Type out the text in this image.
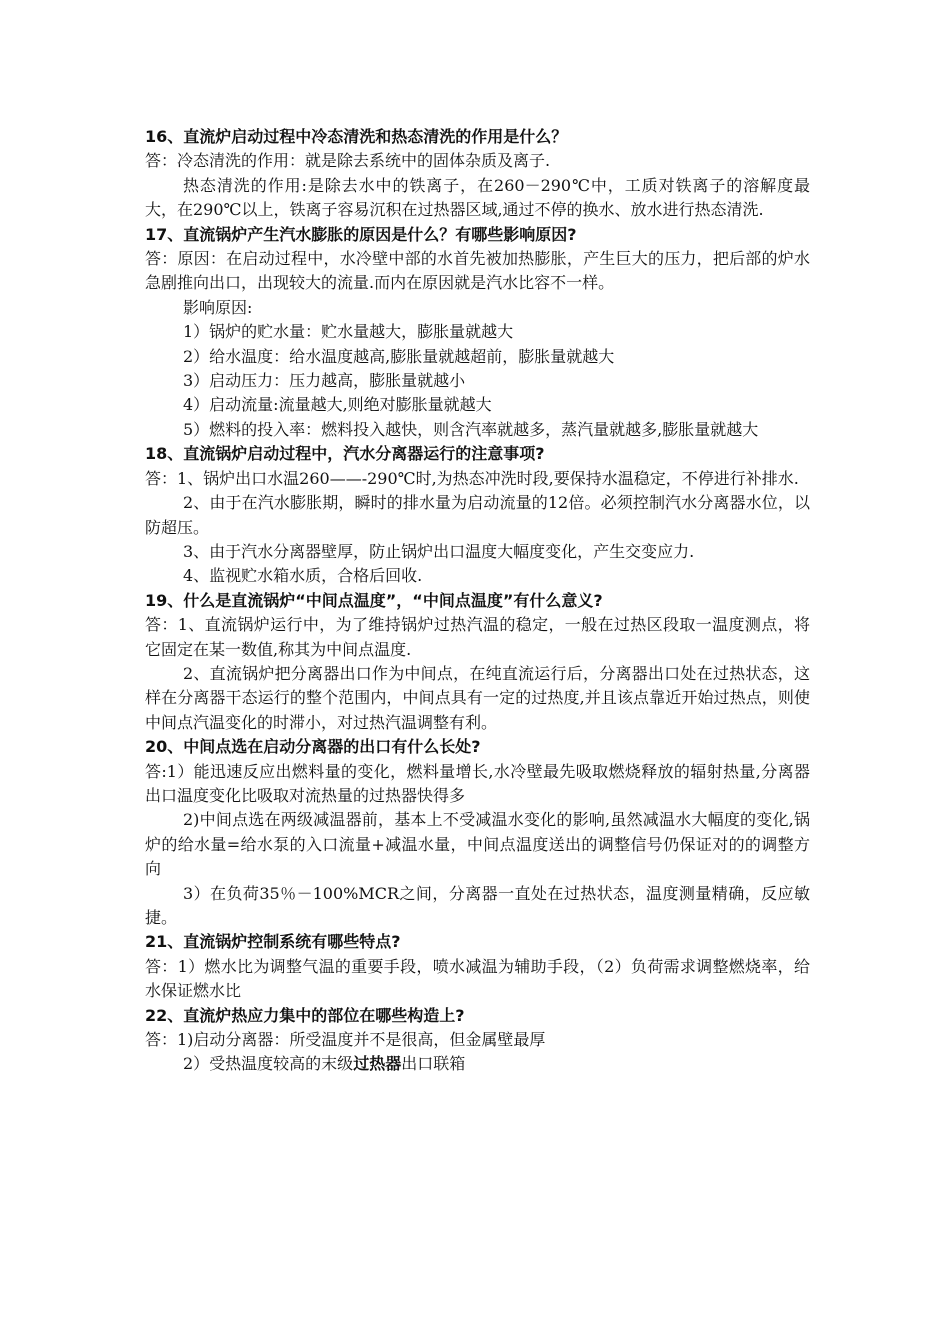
16、直流炉启动过程中冷态清洗和热态清洗的作用是什么？

答：冷态清洗的作用：就是除去系统中的固体杂质及离子.

热态清洗的作用:是除去水中的铁离子，在260－290℃中，工质对铁离子的溶解度最大，在290℃以上，铁离子容易沉积在过热器区域,通过不停的换水、放水进行热态清洗.

17、直流锅炉产生汽水膨胀的原因是什么？有哪些影响原因?

答：原因：在启动过程中，水冷壁中部的水首先被加热膨胀，产生巨大的压力，把后部的炉水急剧推向出口，出现较大的流量.而内在原因就是汽水比容不一样。

影响原因:

1）锅炉的贮水量：贮水量越大，膨胀量就越大

2）给水温度：给水温度越高,膨胀量就越超前，膨胀量就越大

3）启动压力：压力越高，膨胀量就越小

4）启动流量:流量越大,则绝对膨胀量就越大

5）燃料的投入率：燃料投入越快，则含汽率就越多，蒸汽量就越多,膨胀量就越大

18、直流锅炉启动过程中，汽水分离器运行的注意事项?

答：1、锅炉出口水温260——-290℃时,为热态冲洗时段,要保持水温稳定，不停进行补排水.

2、由于在汽水膨胀期，瞬时的排水量为启动流量的12倍。必须控制汽水分离器水位，以防超压。

3、由于汽水分离器壁厚，防止锅炉出口温度大幅度变化，产生交变应力.

4、监视贮水箱水质，合格后回收.

19、什么是直流锅炉“中间点温度”，“中间点温度”有什么意义?

答：1、直流锅炉运行中，为了维持锅炉过热汽温的稳定，一般在过热区段取一温度测点，将它固定在某一数值,称其为中间点温度.

2、直流锅炉把分离器出口作为中间点，在纯直流运行后，分离器出口处在过热状态，这样在分离器干态运行的整个范围内，中间点具有一定的过热度,并且该点靠近开始过热点，则使中间点汽温变化的时滞小，对过热汽温调整有利。

20、中间点选在启动分离器的出口有什么长处?

答:1）能迅速反应出燃料量的变化，燃料量增长,水冷壁最先吸取燃烧释放的辐射热量,分离器出口温度变化比吸取对流热量的过热器快得多

2)中间点选在两级减温器前，基本上不受减温水变化的影响,虽然减温水大幅度的变化,锅炉的给水量=给水泵的入口流量+减温水量，中间点温度送出的调整信号仍保证对的的调整方向

3）在负荷35％－100%MCR之间，分离器一直处在过热状态，温度测量精确，反应敏捷。

21、直流锅炉控制系统有哪些特点?

答：1）燃水比为调整气温的重要手段，喷水减温为辅助手段，（2）负荷需求调整燃烧率，给水保证燃水比

22、直流炉热应力集中的部位在哪些构造上?

答：1)启动分离器：所受温度并不是很高，但金属壁最厚

2）受热温度较高的末级过热器出口联箱
